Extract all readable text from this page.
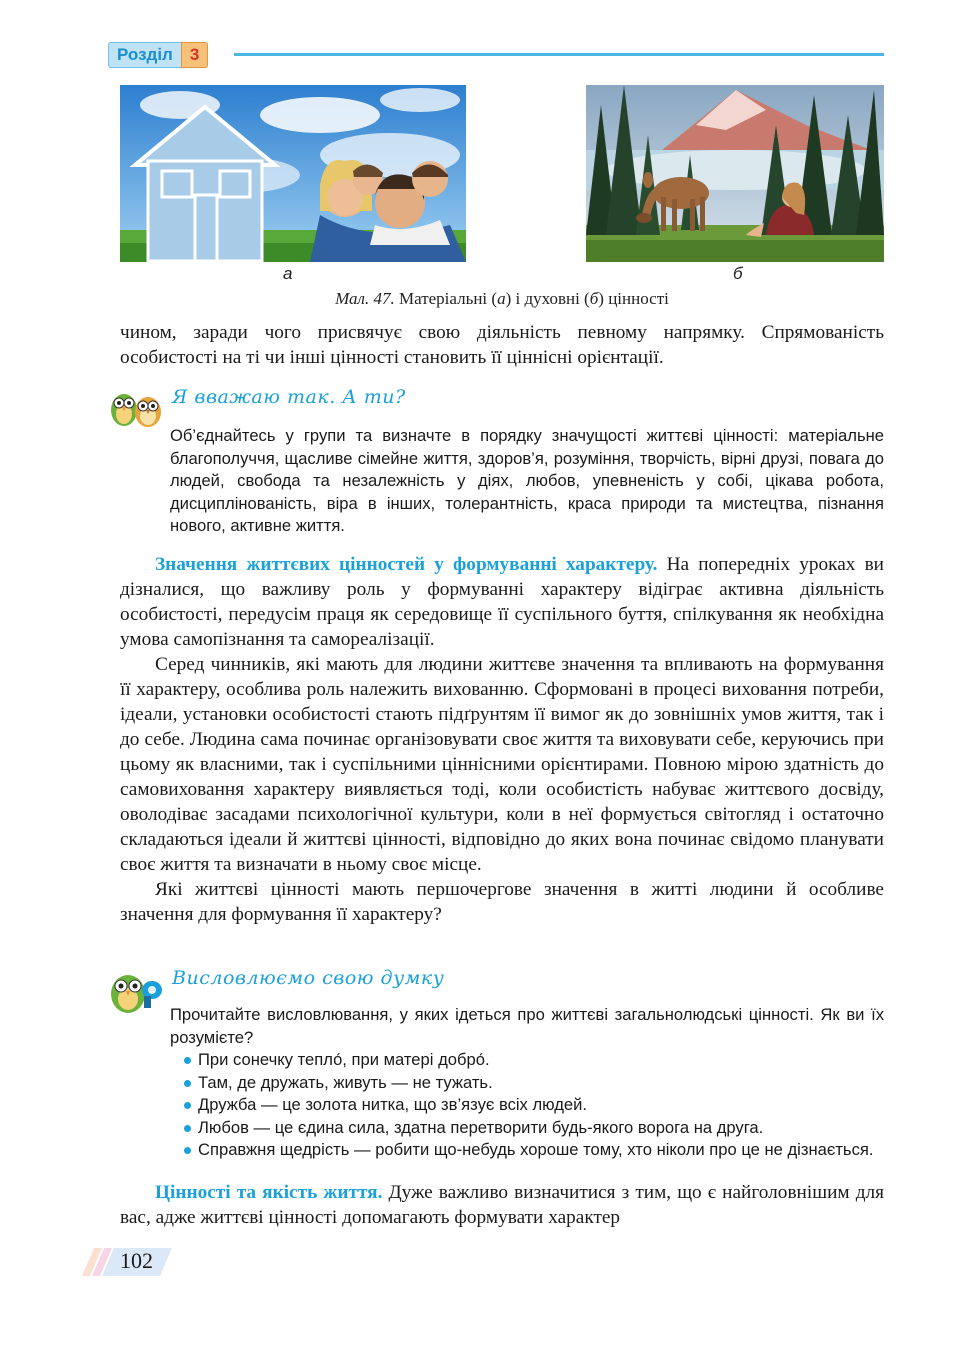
Розділ	3
а	б
Мал. 47. Матеріальні (а) і духовні (б) цінності

чином, заради чого присвячує свою діяльність певному напрямку. Спрямованість особистості на ті чи інші цінності становить її ціннісні орієнтації.

Я вважаю так. А ти?

Об’єднайтесь у групи та визначте в порядку значущості життєві цінності: матеріальне благополуччя, щасливе сімейне життя, здоров’я, розуміння, творчість, вірні друзі, повага до людей, свобода та незалежність у діях, любов, упевненість у собі, цікава робота, дисциплінованість, віра в інших, толерантність, краса природи та мистецтва, пізнання нового, активне життя.

Значення життєвих цінностей у формуванні характеру. На попередніх уроках ви дізналися, що важливу роль у формуванні характеру відіграє активна діяльність особистості, передусім праця як середовище її суспільного буття, спілкування як необхідна умова самопізнання та самореалізації.

Серед чинників, які мають для людини життєве значення та впливають на формування її характеру, особлива роль належить вихованню. Сформовані в процесі виховання потреби, ідеали, установки особистості стають підґрунтям її вимог як до зовнішніх умов життя, так і до себе. Людина сама починає організовувати своє життя та виховувати себе, керуючись при цьому як власними, так і суспільними ціннісними орієнтирами. Повною мірою здатність до самовиховання характеру виявляється тоді, коли особистість набуває життєвого досвіду, оволодіває засадами психологічної культури, коли в неї формується світогляд і остаточно складаються ідеали й життєві цінності, відповідно до яких вона починає свідомо планувати своє життя та визначати в ньому своє місце.

Які життєві цінності мають першочергове значення в житті людини й особливе значення для формування її характеру?

Висловлюємо свою думку

Прочитайте висловлювання, у яких ідеться про життєві загальнолюдські цінності. Як ви їх розумієте?

При сонечку тепло́, при матері добро́.
Там, де дружать, живуть — не тужать.
Дружба — це золота нитка, що зв’язує всіх людей.
Любов — це єдина сила, здатна перетворити будь-якого ворога на друга.
Справжня щедрість — робити що-небудь хороше тому, хто ніколи про це не дізнається.

Цінності та якість життя. Дуже важливо визначитися з тим, що є найголовнішим для вас, адже життєві цінності допомагають формувати характер

102
